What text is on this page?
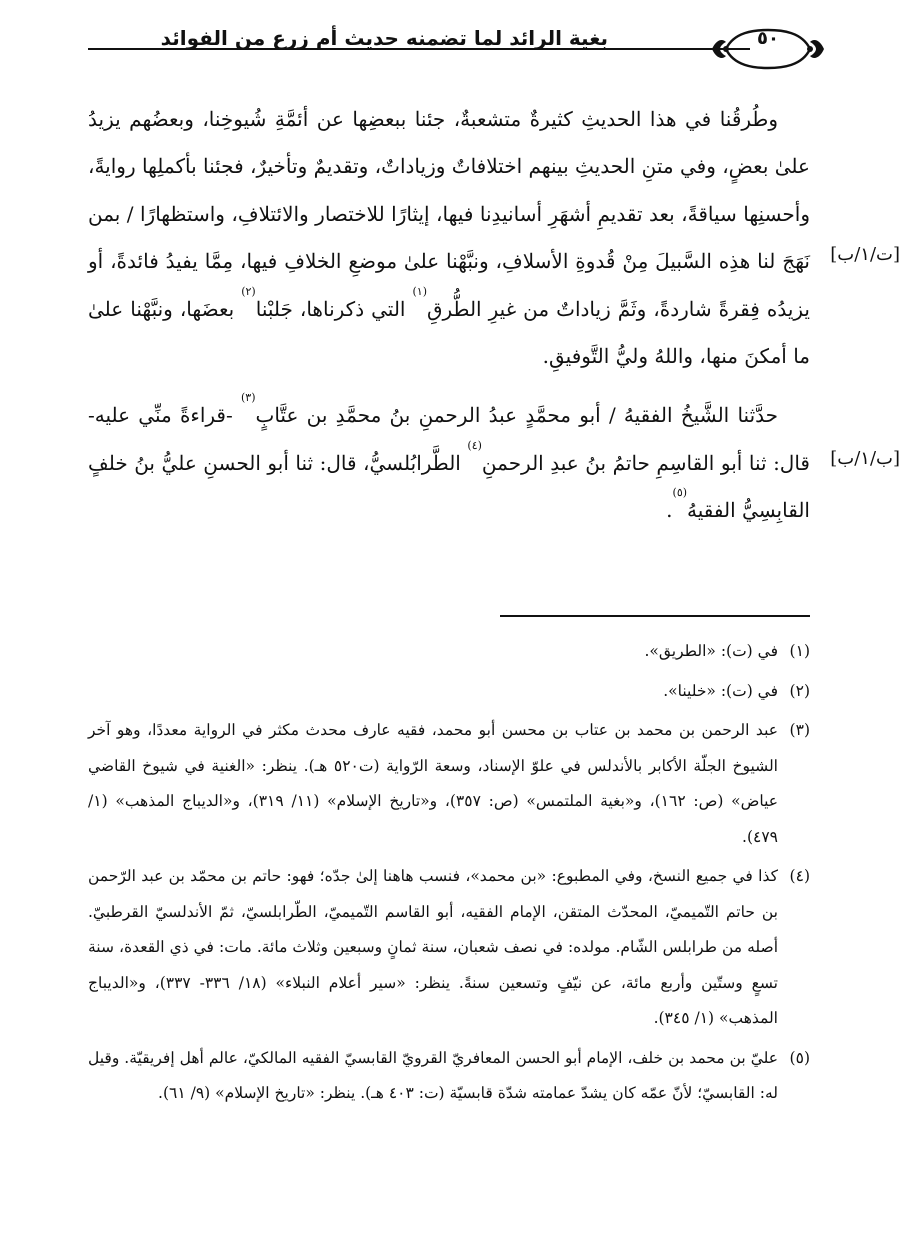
٥٠
بغية الرائد لما تضمنه حديث أم زرع من الفوائد
[ت/١/ب]
[ب/١/ب]

وطُرقُنا في هذا الحديثِ كثيرةٌ متشعبةٌ، جئنا ببعضِها عن أئمَّةِ شُيوخِنا، وبعضُهم يزيدُ علىٰ بعضٍ، وفي متنِ الحديثِ بينهم اختلافاتٌ وزياداتٌ، وتقديمٌ وتأخيرٌ، فجئنا بأكملِها روايةً، وأحسنِها سياقةً، بعد تقديمِ أشهَرِ أسانيدِنا فيها، إيثارًا للاختصار والائتلافِ، واستظهارًا / بمن نَهَجَ لنا هذِه السَّبيلَ مِنْ قُدوةِ الأسلافِ، ونبَّهْنا علىٰ موضعِ الخلافِ فيها، مِمَّا يفيدُ فائدةً، أو يزيدُه فِقرةً شاردةً، وثَمَّ زياداتٌ من غيرِ الطُّرقِ$^{(١)}$ التي ذكرناها، جَلبْنا$^{(٢)}$ بعضَها، ونبَّهْنا علىٰ ما أمكنَ منها، واللهُ وليُّ التَّوفيقِ.

حدَّثنا الشَّيخُ الفقيهُ / أبو محمَّدٍ عبدُ الرحمنِ بنُ محمَّدِ بن عتَّابٍ$^{(٣)}$ -قراءةً منِّي عليه- قال: ثنا أبو القاسِمِ حاتمُ بنُ عبدِ الرحمنِ$^{(٤)}$ الطَّرابُلسيُّ، قال: ثنا أبو الحسنِ عليُّ بنُ خلفٍ القابِسِيُّ الفقيهُ$^{(٥)}$.

(١)
في (ت): «الطريق».
(٢)
في (ت): «خلينا».
(٣)
عبد الرحمن بن محمد بن عتاب بن محسن أبو محمد، فقيه عارف محدث مكثر في الرواية معددًا، وهو آخر الشيوخ الجلّة الأكابر بالأندلس في علوّ الإسناد، وسعة الرّواية (ت٥٢٠ هـ). ينظر: «الغنية في شيوخ القاضي عياض» (ص: ١٦٢)، و«بغية الملتمس» (ص: ٣٥٧)، و«تاريخ الإسلام» (١١/ ٣١٩)، و«الديباج المذهب» (١/ ٤٧٩).
(٤)
كذا في جميع النسخ، وفي المطبوع: «بن محمد»، فنسب هاهنا إلىٰ جدّه؛ فهو: حاتم بن محمّد بن عبد الرّحمن بن حاتم التّميميّ، المحدّث المتقن، الإمام الفقيه، أبو القاسم التّميميّ، الطّرابلسيّ، ثمّ الأندلسيّ القرطبيّ. أصله من طرابلس الشّام. مولده: في نصف شعبان، سنة ثمانٍ وسبعين وثلاث مائة. مات: في ذي القعدة، سنة تسعٍ وستّين وأربع مائة، عن نيّفٍ وتسعين سنةً. ينظر: «سير أعلام النبلاء» (١٨/ ٣٣٦- ٣٣٧)، و«الديباج المذهب» (١/ ٣٤٥).
(٥)
عليّ بن محمد بن خلف، الإمام أبو الحسن المعافريّ القرويّ القابسيّ الفقيه المالكيّ، عالم أهل إفريقيّة. وقيل له: القابسيّ؛ لأنّ عمّه كان يشدّ عمامته شدّة قابسيّة (ت: ٤٠٣ هـ). ينظر: «تاريخ الإسلام» (٩/ ٦١).
